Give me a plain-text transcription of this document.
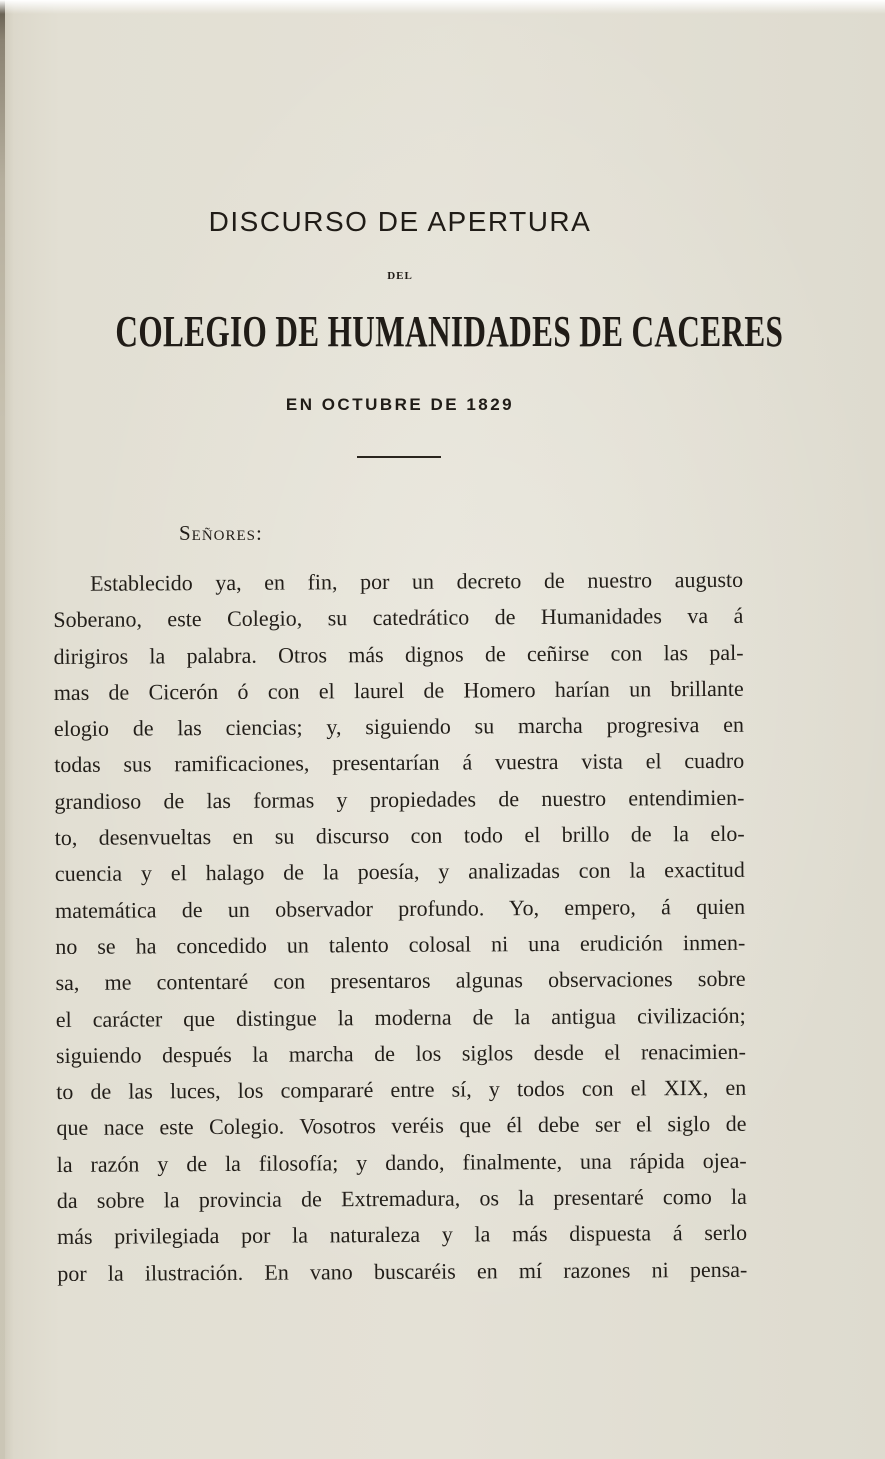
DISCURSO DE APERTURA
DEL
COLEGIO DE HUMANIDADES DE CACERES
EN OCTUBRE DE 1829

Señores:

Establecido ya, en fin, por un decreto de nuestro augusto
Soberano, este Colegio, su catedrático de Humanidades va á
dirigiros la palabra. Otros más dignos de ceñirse con las pal-
mas de Cicerón ó con el laurel de Homero harían un brillante
elogio de las ciencias; y, siguiendo su marcha progresiva en
todas sus ramificaciones, presentarían á vuestra vista el cuadro
grandioso de las formas y propiedades de nuestro entendimien-
to, desenvueltas en su discurso con todo el brillo de la elo-
cuencia y el halago de la poesía, y analizadas con la exactitud
matemática de un observador profundo. Yo, empero, á quien
no se ha concedido un talento colosal ni una erudición inmen-
sa, me contentaré con presentaros algunas observaciones sobre
el carácter que distingue la moderna de la antigua civilización;
siguiendo después la marcha de los siglos desde el renacimien-
to de las luces, los compararé entre sí, y todos con el XIX, en
que nace este Colegio. Vosotros veréis que él debe ser el siglo de
la razón y de la filosofía; y dando, finalmente, una rápida ojea-
da sobre la provincia de Extremadura, os la presentaré como la
más privilegiada por la naturaleza y la más dispuesta á serlo
por la ilustración. En vano buscaréis en mí razones ni pensa-
